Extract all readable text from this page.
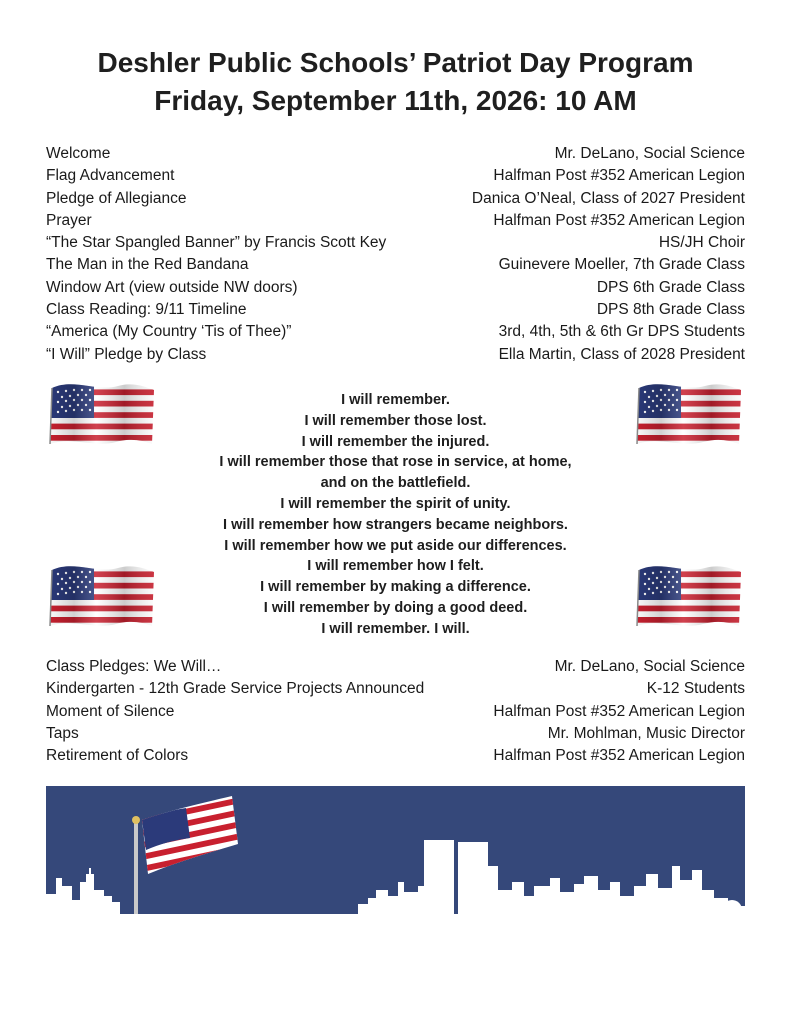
Deshler Public Schools’ Patriot Day Program
Friday, September 11th, 2026: 10 AM
Welcome	Mr. DeLano, Social Science
Flag Advancement	Halfman Post #352 American Legion
Pledge of Allegiance	Danica O’Neal, Class of 2027 President
Prayer	Halfman Post #352 American Legion
“The Star Spangled Banner” by Francis Scott Key	HS/JH Choir
The Man in the Red Bandana	Guinevere Moeller, 7th Grade Class
Window Art (view outside NW doors)	DPS 6th Grade Class
Class Reading: 9/11 Timeline	DPS 8th Grade Class
“America (My Country ‘Tis of Thee)”	3rd, 4th, 5th & 6th Gr DPS Students
“I Will” Pledge by Class	Ella Martin, Class of 2028 President
I will remember.
I will remember those lost.
I will remember the injured.
I will remember those that rose in service, at home,
and on the battlefield.
I will remember the spirit of unity.
I will remember how strangers became neighbors.
I will remember how we put aside our differences.
I will remember how I felt.
I will remember by making a difference.
I will remember by doing a good deed.
I will remember. I will.
Class Pledges: We Will…	Mr. DeLano, Social Science
Kindergarten - 12th Grade Service Projects Announced	K-12 Students
Moment of Silence	Halfman Post #352 American Legion
Taps	Mr. Mohlman, Music Director
Retirement of Colors	Halfman Post #352 American Legion
